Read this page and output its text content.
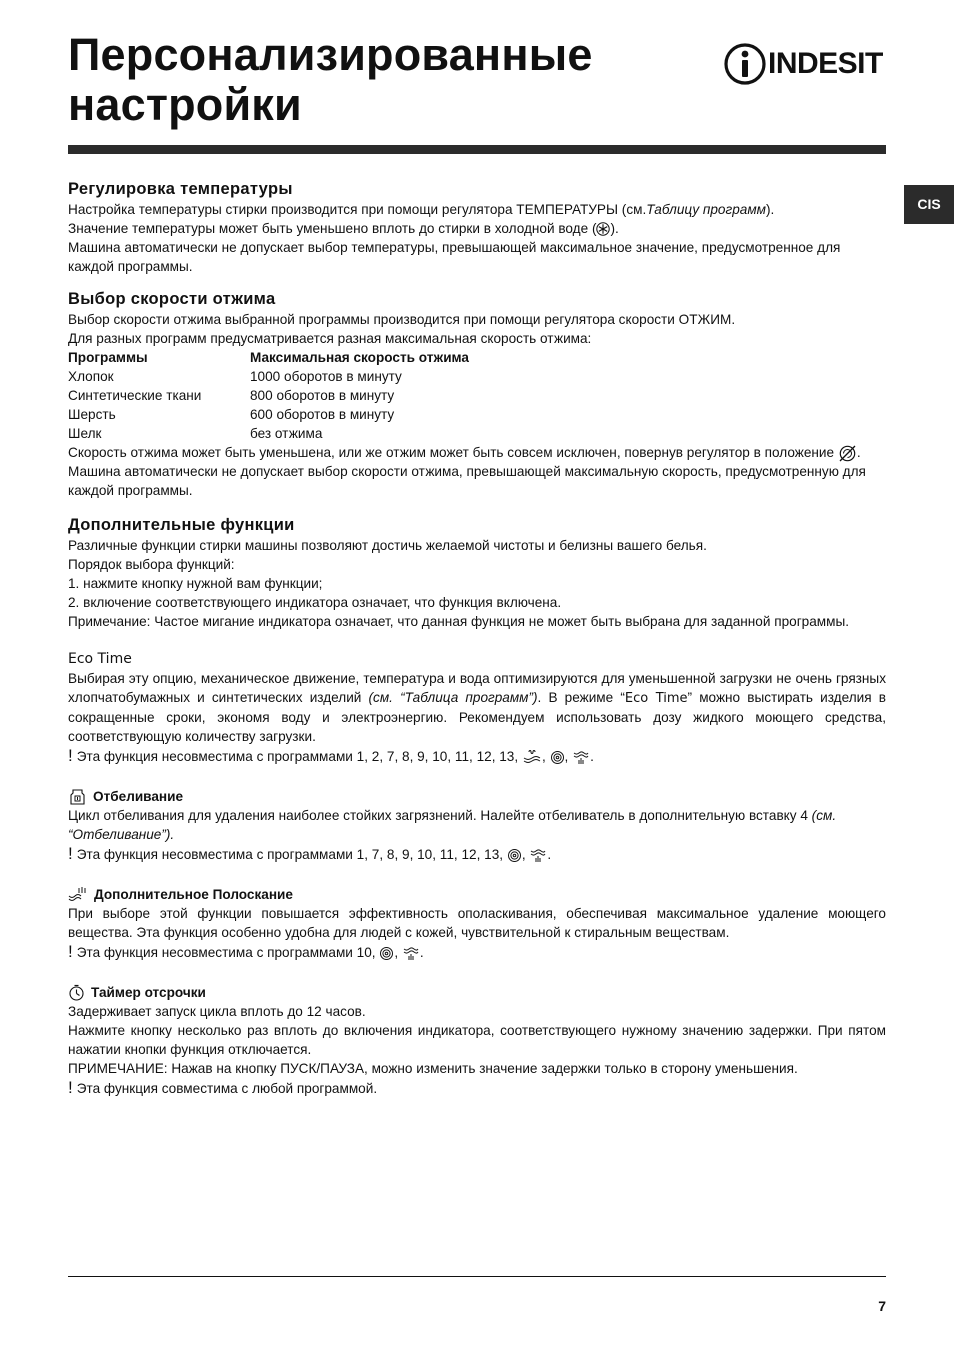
Персонализированные
настройки
INDESIT
CIS
Регулировка температуры

Настройка температуры стирки производится при помощи регулятора ТЕМПЕРАТУРЫ (см.Таблицу программ).

Значение температуры может быть уменьшено вплоть до стирки в холодной воде ( ).

Машина автоматически не допускает выбор температуры, превышающей максимальное значение, предусмотренное для каждой программы.

Выбор скорости отжима

Выбор скорости отжима выбранной программы производится при помощи регулятора скорости ОТЖИМ.

Для разных программ предусматривается разная максимальная скорость отжима:

Программы	Максимальная скорость отжима
Хлопок	1000 оборотов в минуту
Синтетические ткани	800 оборотов в минуту
Шерсть	600 оборотов в минуту
Шелк	без отжима

Скорость отжима может быть уменьшена, или же отжим может быть совсем исключен, повернув регулятор в положение .

Машина автоматически не допускает выбор скорости отжима, превышающей максимальную скорость, предусмотренную для каждой программы.

Дополнительные функции

Различные функции стирки машины позволяют достичь желаемой чистоты и белизны вашего белья.

Порядок выбора функций:

1. нажмите кнопку нужной вам функции;

2. включение соответствующего индикатора означает, что функция включена.

Примечание: Частое мигание индикатора означает, что данная функция не может быть выбрана для заданной программы.

Eco Time

Выбирая эту опцию, механическое движение, температура и вода оптимизируются для уменьшенной загрузки не очень грязных хлопчатобумажных и синтетических изделий (см. “Таблица программ”). В режиме “Eco Time” можно выстирать изделия в сокращенные сроки, экономя воду и электроэнергию. Рекомендуем использовать дозу жидкого моющего средства, соответствующую количеству загрузки.

! Эта функция несовместима с программами 1, 2, 7, 8, 9, 10, 11, 12, 13, , , .

Отбеливание

Цикл отбеливания для удаления наиболее стойких загрязнений. Налейте отбеливатель в дополнительную вставку 4 (см. “Отбеливание”).

! Эта функция несовместима с программами 1, 7, 8, 9, 10, 11, 12, 13, , .

Дополнительное Полоскание

При выборе этой функции повышается эффективность ополаскивания, обеспечивая максимальное удаление моющего вещества. Эта функция особенно удобна для людей с кожей, чувствительной к стиральным веществам.

! Эта функция несовместима с программами 10, , .

Таймер отсрочки

Задерживает запуск цикла вплоть до 12 часов.

Нажмите кнопку несколько раз вплоть до включения индикатора, соответствующего нужному значению задержки. При пятом нажатии кнопки функция отключается.

ПРИМЕЧАНИЕ: Нажав на кнопку ПУСК/ПАУЗА, можно изменить значение задержки только в сторону уменьшения.

! Эта функция совместима с любой программой.

7
